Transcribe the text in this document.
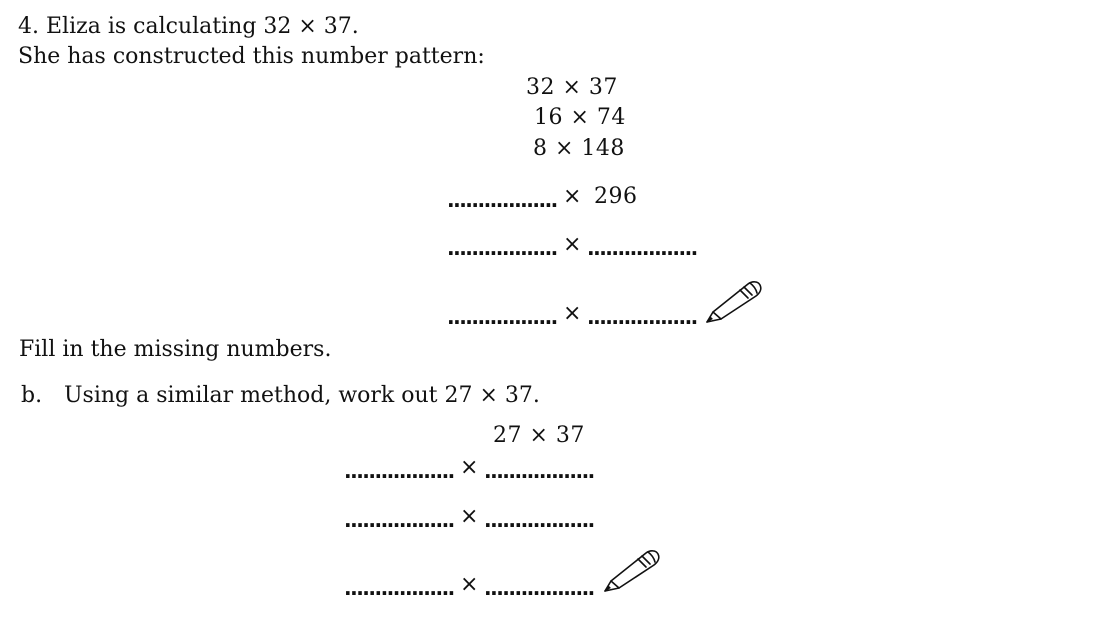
4. Eliza is calculating 32 × 37.
She has constructed this number pattern:
32 × 37
16 × 74
8 × 148
.................. × 296
.................. × ..................
.................. × ..................
Fill in the missing numbers.
b. Using a similar method, work out 27 × 37.
27 × 37
.................. × ..................
.................. × ..................
.................. × ..................
